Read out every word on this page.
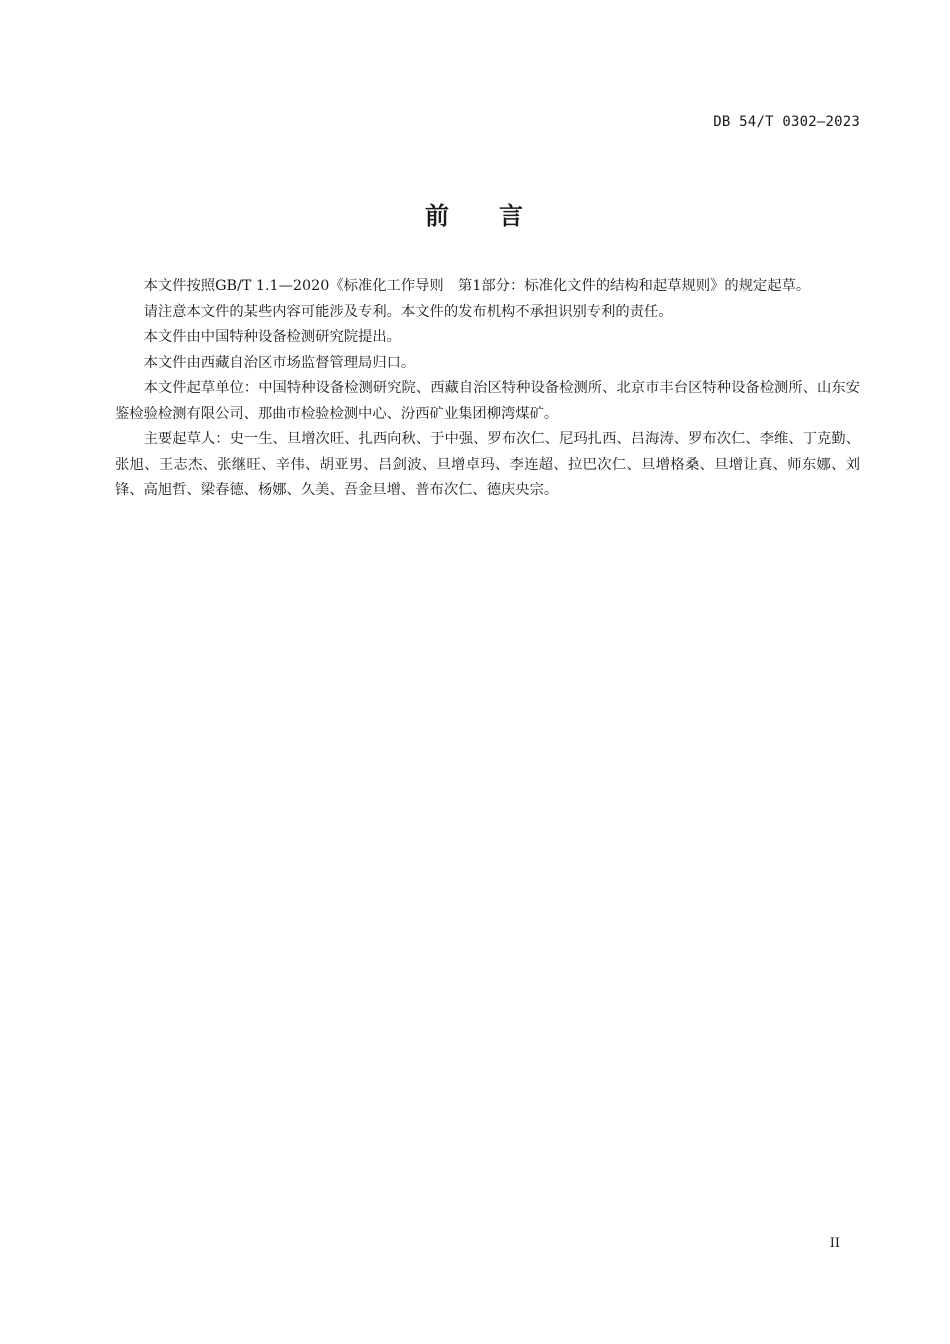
DB 54/T 0302—2023
前 言

本文件按照GB/T 1.1—2020《标准化工作导则　第1部分：标准化文件的结构和起草规则》的规定起草。

请注意本文件的某些内容可能涉及专利。本文件的发布机构不承担识别专利的责任。

本文件由中国特种设备检测研究院提出。

本文件由西藏自治区市场监督管理局归口。

本文件起草单位：中国特种设备检测研究院、西藏自治区特种设备检测所、北京市丰台区特种设备检测所、山东安鉴检验检测有限公司、那曲市检验检测中心、汾西矿业集团柳湾煤矿。

主要起草人：史一生、旦增次旺、扎西向秋、于中强、罗布次仁、尼玛扎西、吕海涛、罗布次仁、李维、丁克勤、张旭、王志杰、张继旺、辛伟、胡亚男、吕剑波、旦增卓玛、李连超、拉巴次仁、旦增格桑、旦增让真、师东娜、刘锋、高旭哲、梁春德、杨娜、久美、吾金旦增、普布次仁、德庆央宗。

II
